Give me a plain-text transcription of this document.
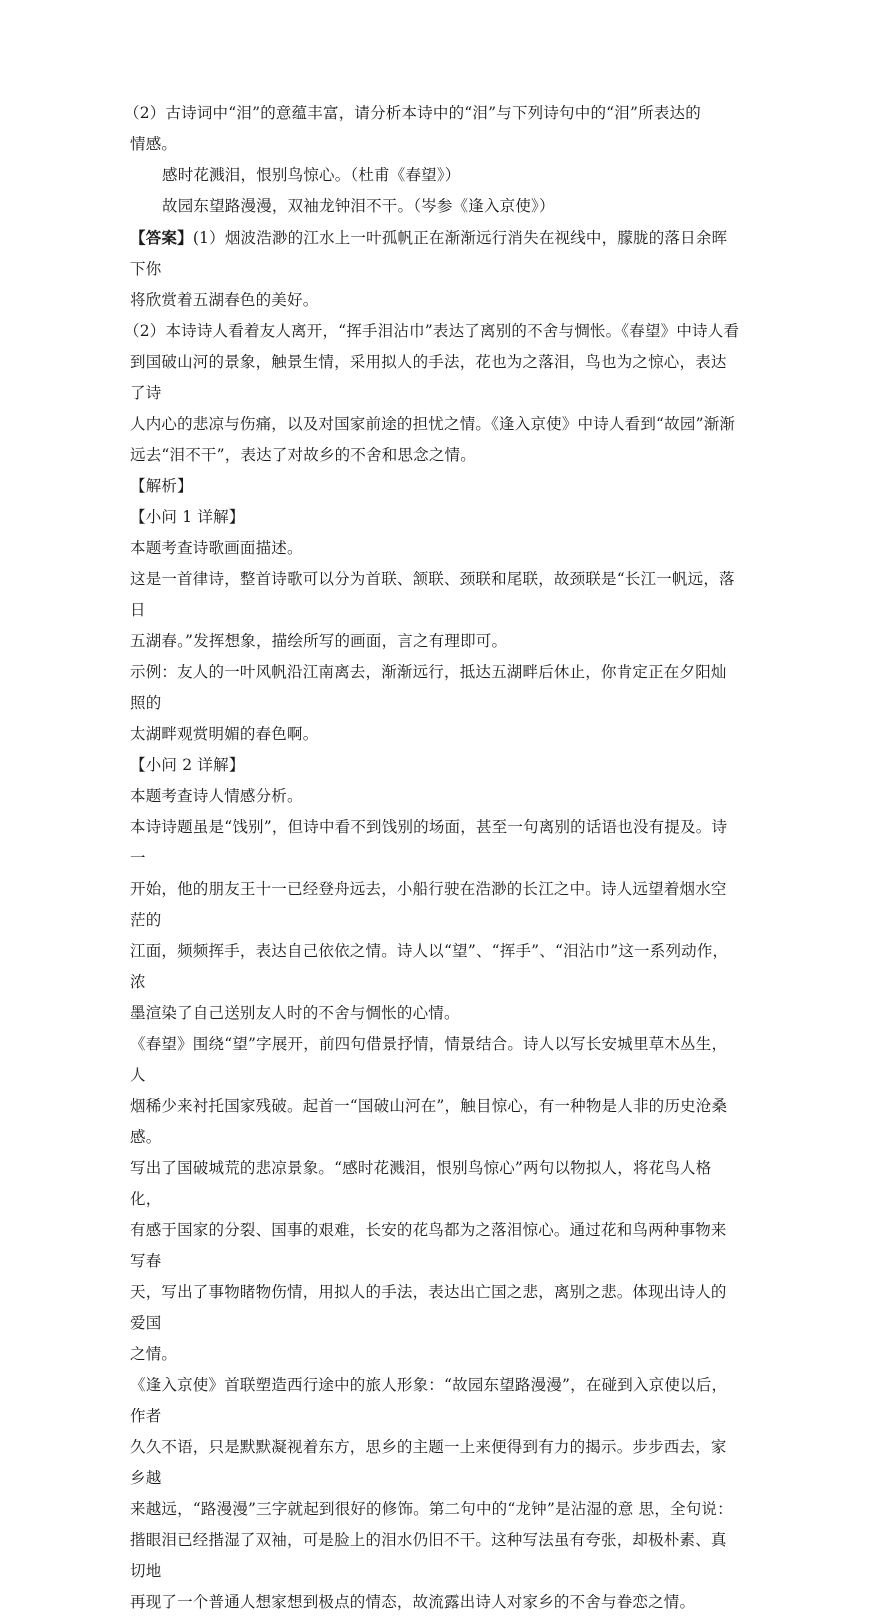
（2）古诗词中“泪”的意蕴丰富，请分析本诗中的“泪”与下列诗句中的“泪”所表达的

情感。

感时花溅泪，恨别鸟惊心。（杜甫《春望》）

故园东望路漫漫，双袖龙钟泪不干。（岑参《逢入京使》）

【答案】(1）烟波浩渺的江水上一叶孤帆正在渐渐远行消失在视线中，朦胧的落日余晖下你

将欣赏着五湖春色的美好。

（2）本诗诗人看着友人离开，“挥手泪沾巾”表达了离别的不舍与惆怅。《春望》中诗人看

到国破山河的景象，触景生情，采用拟人的手法，花也为之落泪，鸟也为之惊心，表达了诗

人内心的悲凉与伤痛，以及对国家前途的担忧之情。《逢入京使》中诗人看到“故园”渐渐

远去“泪不干”，表达了对故乡的不舍和思念之情。

【解析】

【小问 1 详解】

本题考查诗歌画面描述。

这是一首律诗，整首诗歌可以分为首联、颔联、颈联和尾联，故颈联是“长江一帆远，落日

五湖春。”发挥想象，描绘所写的画面，言之有理即可。

示例：友人的一叶风帆沿江南离去，渐渐远行，抵达五湖畔后休止，你肯定正在夕阳灿照的

太湖畔观赏明媚的春色啊。

【小问 2 详解】

本题考查诗人情感分析。

本诗诗题虽是“饯别”，但诗中看不到饯别的场面，甚至一句离别的话语也没有提及。诗一

开始，他的朋友王十一已经登舟远去，小船行驶在浩渺的长江之中。诗人远望着烟水空茫的

江面，频频挥手，表达自己依依之情。诗人以“望”、“挥手”、“泪沾巾”这一系列动作，浓

墨渲染了自己送别友人时的不舍与惆怅的心情。

《春望》围绕“望”字展开，前四句借景抒情，情景结合。诗人以写长安城里草木丛生，人

烟稀少来衬托国家残破。起首一“国破山河在”，触目惊心，有一种物是人非的历史沧桑感。

写出了国破城荒的悲凉景象。“感时花溅泪，恨别鸟惊心”两句以物拟人，将花鸟人格化，

有感于国家的分裂、国事的艰难，长安的花鸟都为之落泪惊心。通过花和鸟两种事物来写春

天，写出了事物睹物伤情，用拟人的手法，表达出亡国之悲，离别之悲。体现出诗人的爱国

之情。

《逢入京使》首联塑造西行途中的旅人形象：“故园东望路漫漫”，在碰到入京使以后，作者

久久不语，只是默默凝视着东方，思乡的主题一上来便得到有力的揭示。步步西去，家乡越

来越远，“路漫漫”三字就起到很好的修饰。第二句中的“龙钟”是沾湿的意 思，全句说：

揩眼泪已经揩湿了双袖，可是脸上的泪水仍旧不干。这种写法虽有夸张，却极朴素、真切地

再现了一个普通人想家想到极点的情态，故流露出诗人对家乡的不舍与眷恋之情。
